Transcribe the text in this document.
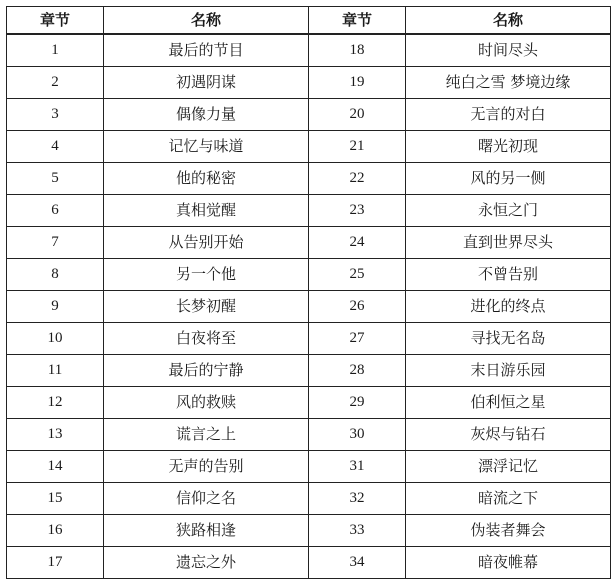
章节	名称	章节	名称
1	最后的节目	18	时间尽头
2	初遇阴谋	19	纯白之雪 梦境边缘
3	偶像力量	20	无言的对白
4	记忆与味道	21	曙光初现
5	他的秘密	22	风的另一侧
6	真相觉醒	23	永恒之门
7	从告别开始	24	直到世界尽头
8	另一个他	25	不曾告别
9	长梦初醒	26	进化的终点
10	白夜将至	27	寻找无名岛
11	最后的宁静	28	末日游乐园
12	风的救赎	29	伯利恒之星
13	谎言之上	30	灰烬与钻石
14	无声的告别	31	漂浮记忆
15	信仰之名	32	暗流之下
16	狭路相逢	33	伪装者舞会
17	遗忘之外	34	暗夜帷幕
